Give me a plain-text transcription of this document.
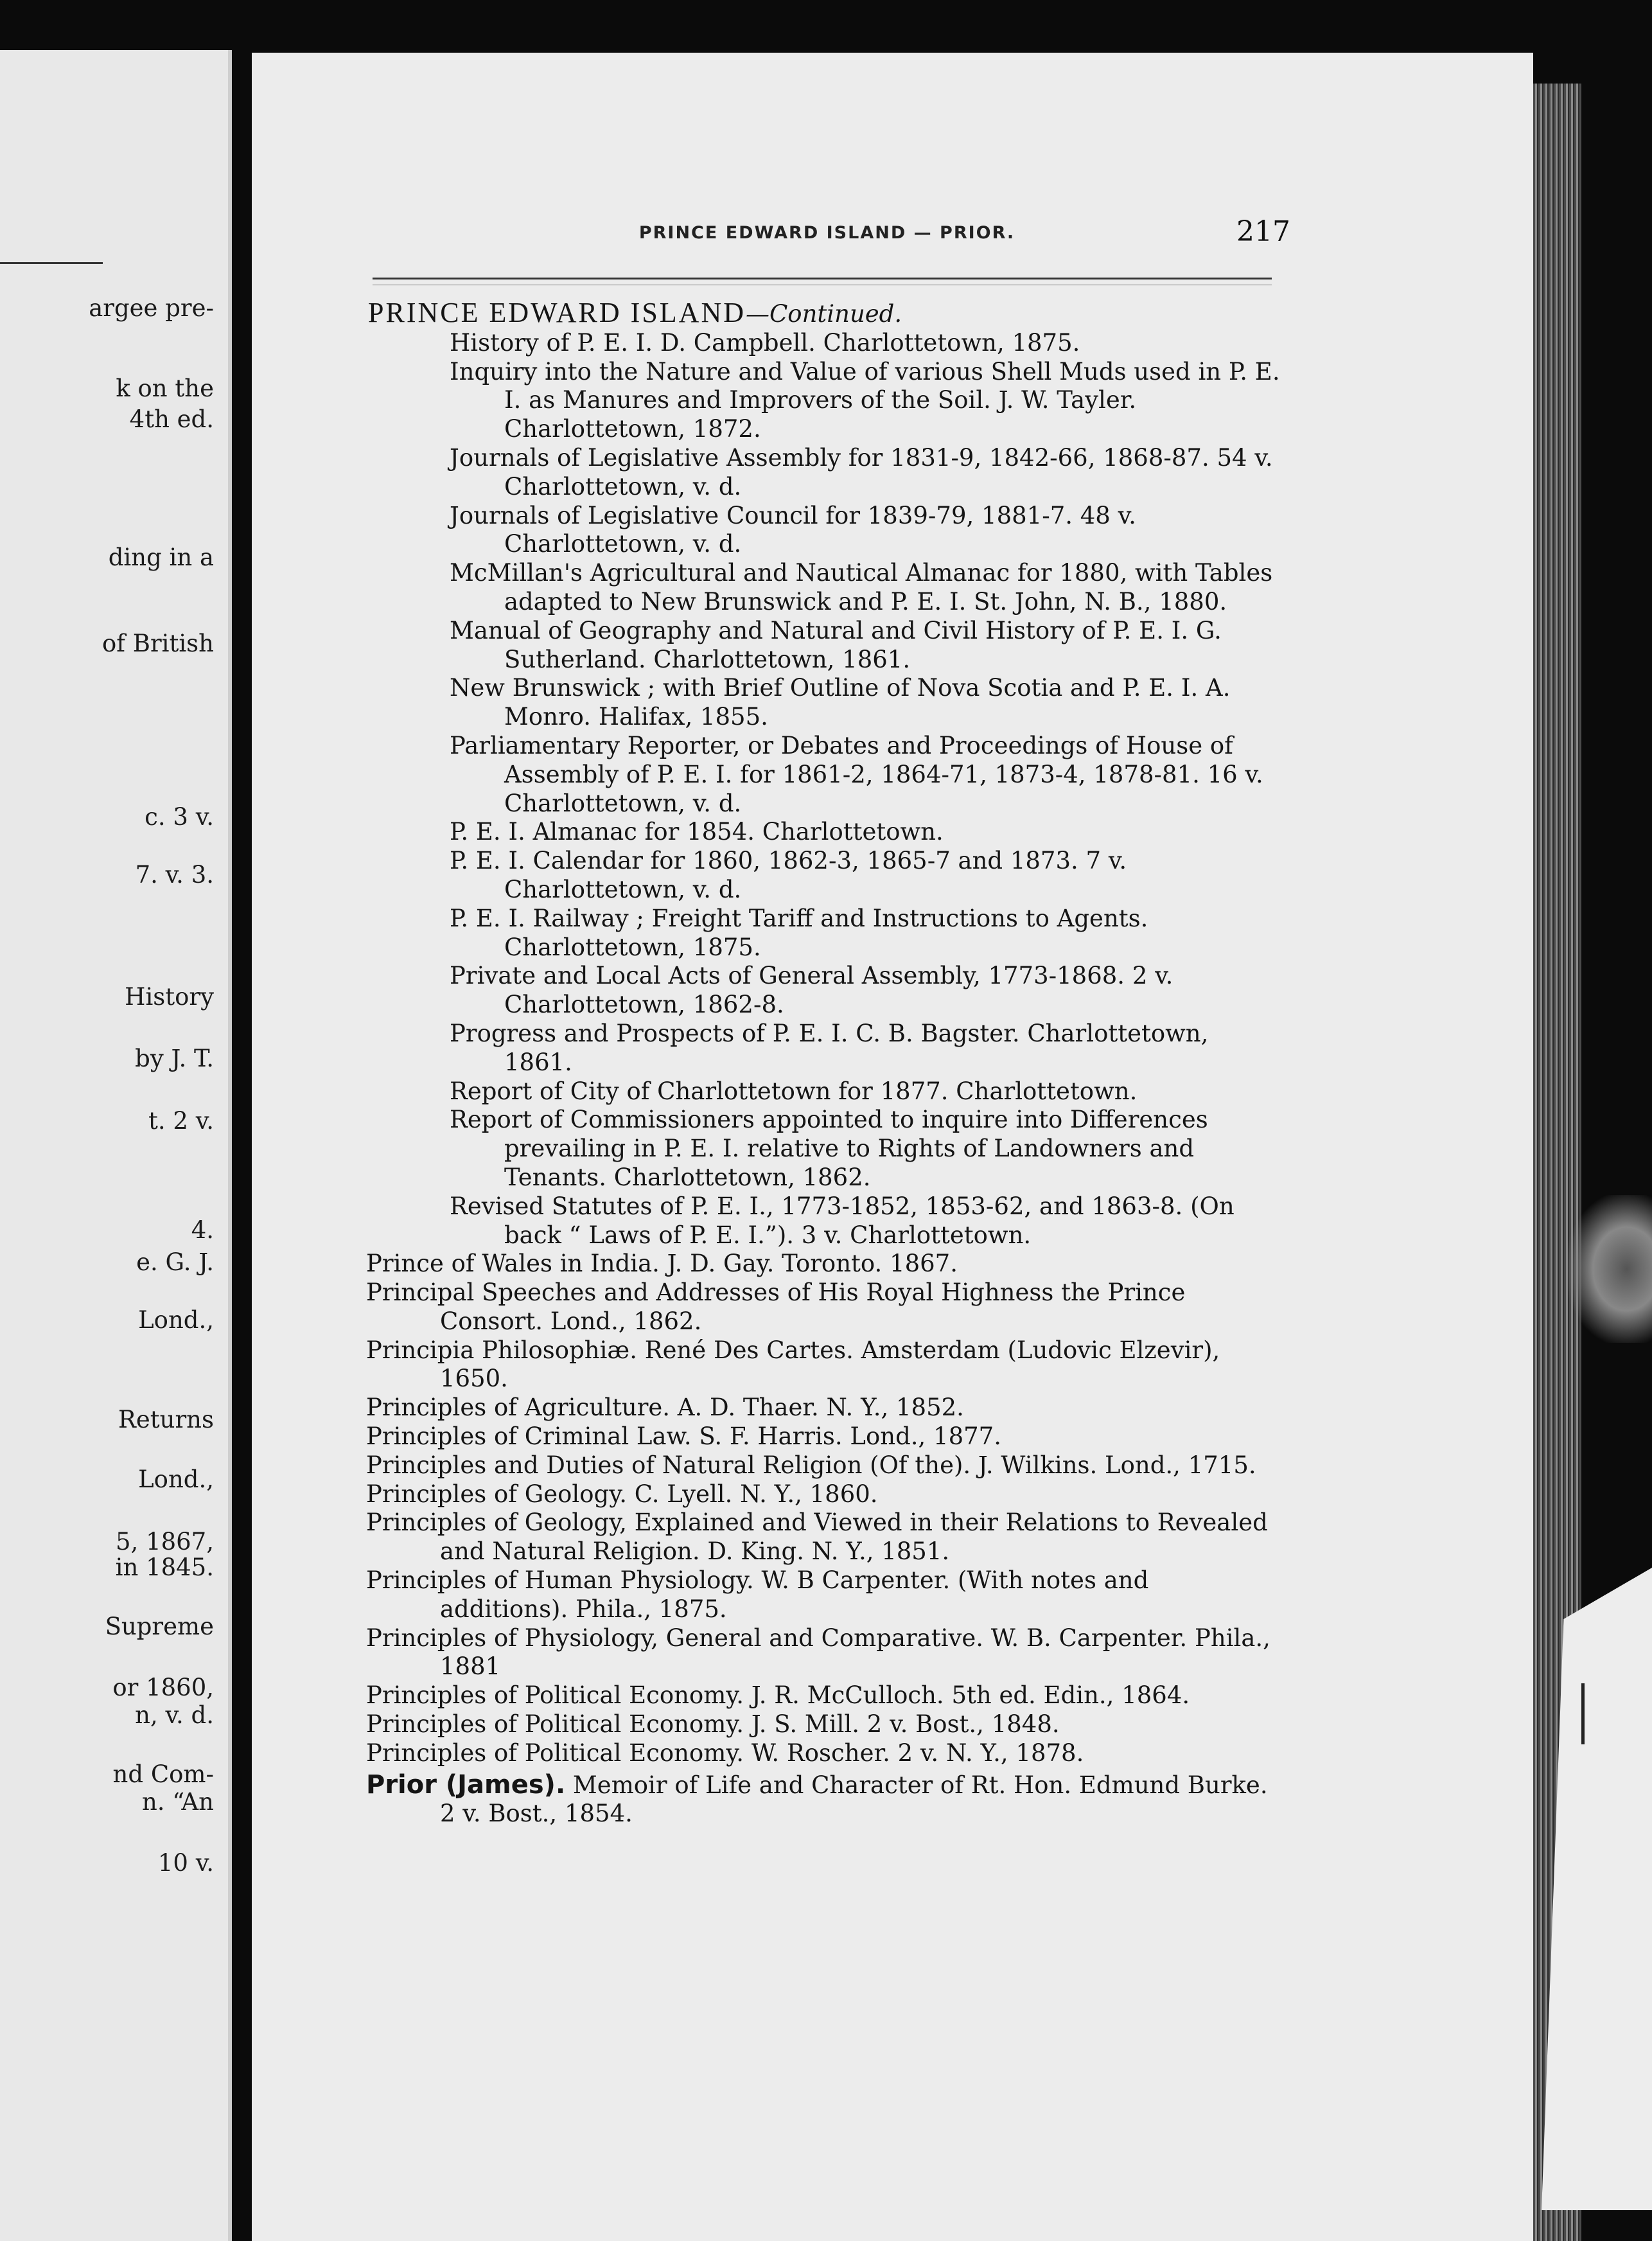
argee pre-
k on the
4th ed.
ding in a
of British
c. 3 v.
7. v. 3.
History
by J. T.
t. 2 v.
4.
e. G. J.
Lond.,
Returns
Lond.,
5, 1867,
in 1845.
Supreme
or 1860,
n, v. d.
nd Com-
n. “An
10 v.
PRINCE EDWARD ISLAND — PRIOR.	217
PRINCE EDWARD ISLAND—Continued.
History of P. E. I. D. Campbell. Charlottetown, 1875.
Inquiry into the Nature and Value of various Shell Muds used in P. E. I. as Manures and Improvers of the Soil. J. W. Tayler. Charlottetown, 1872.
Journals of Legislative Assembly for 1831-9, 1842-66, 1868-87. 54 v. Charlottetown, v. d.
Journals of Legislative Council for 1839-79, 1881-7. 48 v. Charlottetown, v. d.
McMillan's Agricultural and Nautical Almanac for 1880, with Tables adapted to New Brunswick and P. E. I. St. John, N. B., 1880.
Manual of Geography and Natural and Civil History of P. E. I. G. Sutherland. Charlottetown, 1861.
New Brunswick ; with Brief Outline of Nova Scotia and P. E. I. A. Monro. Halifax, 1855.
Parliamentary Reporter, or Debates and Proceedings of House of Assembly of P. E. I. for 1861-2, 1864-71, 1873-4, 1878-81. 16 v. Charlottetown, v. d.
P. E. I. Almanac for 1854. Charlottetown.
P. E. I. Calendar for 1860, 1862-3, 1865-7 and 1873. 7 v. Charlottetown, v. d.
P. E. I. Railway ; Freight Tariff and Instructions to Agents. Charlottetown, 1875.
Private and Local Acts of General Assembly, 1773-1868. 2 v. Charlottetown, 1862-8.
Progress and Prospects of P. E. I. C. B. Bagster. Charlottetown, 1861.
Report of City of Charlottetown for 1877. Charlottetown.
Report of Commissioners appointed to inquire into Differences prevailing in P. E. I. relative to Rights of Landowners and Tenants. Charlottetown, 1862.
Revised Statutes of P. E. I., 1773-1852, 1853-62, and 1863-8. (On back “ Laws of P. E. I.”). 3 v. Charlottetown.
Prince of Wales in India. J. D. Gay. Toronto. 1867.
Principal Speeches and Addresses of His Royal Highness the Prince Consort. Lond., 1862.
Principia Philosophiæ. René Des Cartes. Amsterdam (Ludovic Elzevir), 1650.
Principles of Agriculture. A. D. Thaer. N. Y., 1852.
Principles of Criminal Law. S. F. Harris. Lond., 1877.
Principles and Duties of Natural Religion (Of the). J. Wilkins. Lond., 1715.
Principles of Geology. C. Lyell. N. Y., 1860.
Principles of Geology, Explained and Viewed in their Relations to Revealed and Natural Religion. D. King. N. Y., 1851.
Principles of Human Physiology. W. B Carpenter. (With notes and additions). Phila., 1875.
Principles of Physiology, General and Comparative. W. B. Carpenter. Phila., 1881
Principles of Political Economy. J. R. McCulloch. 5th ed. Edin., 1864.
Principles of Political Economy. J. S. Mill. 2 v. Bost., 1848.
Principles of Political Economy. W. Roscher. 2 v. N. Y., 1878.
Prior (James). Memoir of Life and Character of Rt. Hon. Edmund Burke. 2 v. Bost., 1854.
